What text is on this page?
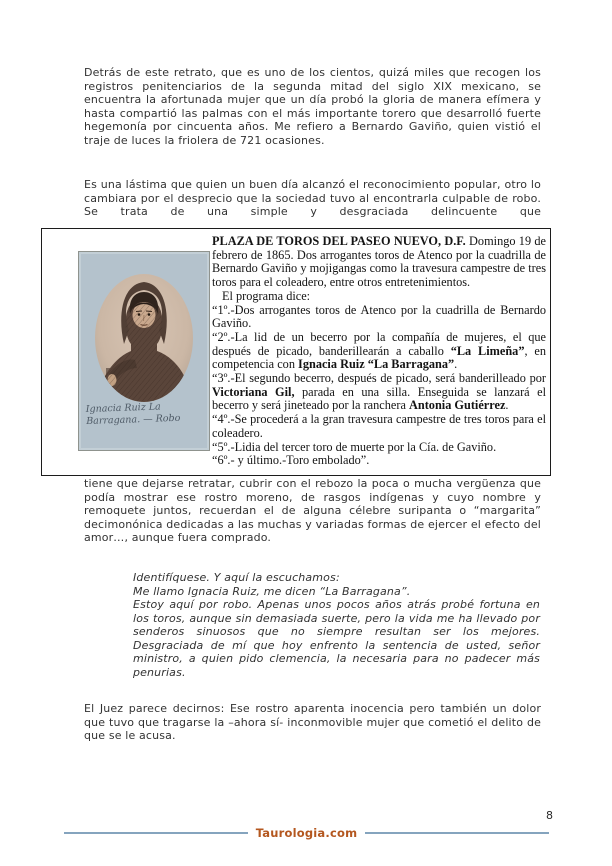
Detrás de este retrato, que es uno de los cientos, quizá miles que recogen los registros penitenciarios de la segunda mitad del siglo XIX mexicano, se encuentra la afortunada mujer que un día probó la gloria de manera efímera y hasta compartió las palmas con el más importante torero que desarrolló fuerte hegemonía por cincuenta años. Me refiero a Bernardo Gaviño, quien vistió el traje de luces la friolera de 721 ocasiones.

Es una lástima que quien un buen día alcanzó el reconocimiento popular, otro lo cambiara por el desprecio que la sociedad tuvo al encontrarla culpable de robo. Se trata de una simple y desgraciada delincuente que

Ignacia Ruiz La
Barragana. — Robo

PLAZA DE TOROS DEL PASEO NUEVO, D.F. Domingo 19 de febrero de 1865. Dos arrogantes toros de Atenco por la cuadrilla de Bernardo Gaviño y mojigangas como la travesura campestre de tres toros para el coleadero, entre otros entretenimientos.

El programa dice:

“1º.-Dos arrogantes toros de Atenco por la cuadrilla de Bernardo Gaviño.

“2º.-La lid de un becerro por la compañía de mujeres, el que después de picado, banderillearán a caballo “La Limeña”, en competencia con Ignacia Ruiz “La Barragana”.

“3º.-El segundo becerro, después de picado, será banderilleado por Victoriana Gil, parada en una silla. Enseguida se lanzará el becerro y será jineteado por la ranchera Antonia Gutiérrez.

“4º.-Se procederá a la gran travesura campestre de tres toros para el coleadero.

“5º.-Lidia del tercer toro de muerte por la Cía. de Gaviño.

“6º.- y último.-Toro embolado”.

tiene que dejarse retratar, cubrir con el rebozo la poca o mucha vergüenza que podía mostrar ese rostro moreno, de rasgos indígenas y cuyo nombre y remoquete juntos, recuerdan el de alguna célebre suripanta o “margarita” decimonónica dedicadas a las muchas y variadas formas de ejercer el efecto del amor…, aunque fuera comprado.

Identifíquese. Y aquí la escuchamos:

Me llamo Ignacia Ruiz, me dicen “La Barragana”.

Estoy aquí por robo. Apenas unos pocos años atrás probé fortuna en los toros, aunque sin demasiada suerte, pero la vida me ha llevado por senderos sinuosos que no siempre resultan ser los mejores. Desgraciada de mí que hoy enfrento la sentencia de usted, señor ministro, a quien pido clemencia, la necesaria para no padecer más penurias.

El Juez parece decirnos: Ese rostro aparenta inocencia pero también un dolor que tuvo que tragarse la –ahora sí- inconmovible mujer que cometió el delito de que se le acusa.

8
Taurologia.com
